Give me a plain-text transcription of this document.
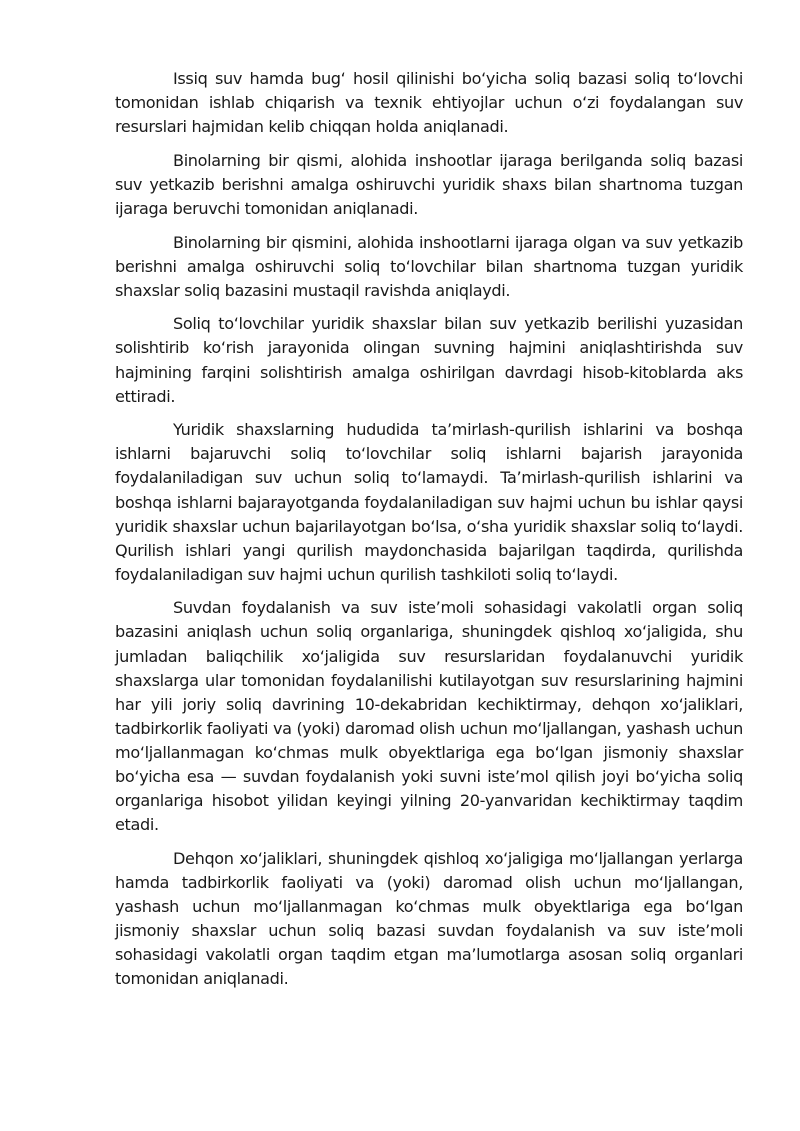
Issiq suv hamda bug‘ hosil qilinishi bo‘yicha soliq bazasi soliq to‘lovchi tomonidan ishlab chiqarish va texnik ehtiyojlar uchun o‘zi foydalangan suv resurslari hajmidan kelib chiqqan holda aniqlanadi.

Binolarning bir qismi, alohida inshootlar ijaraga berilganda soliq bazasi suv yetkazib berishni amalga oshiruvchi yuridik shaxs bilan shartnoma tuzgan ijaraga beruvchi tomonidan aniqlanadi.

Binolarning bir qismini, alohida inshootlarni ijaraga olgan va suv yetkazib berishni amalga oshiruvchi soliq to‘lovchilar bilan shartnoma tuzgan yuridik shaxslar soliq bazasini mustaqil ravishda aniqlaydi.

Soliq to‘lovchilar yuridik shaxslar bilan suv yetkazib berilishi yuzasidan solishtirib ko‘rish jarayonida olingan suvning hajmini aniqlashtirishda suv hajmining farqini solishtirish amalga oshirilgan davrdagi hisob-kitoblarda aks ettiradi.

Yuridik shaxslarning hududida ta’mirlash-qurilish ishlarini va boshqa ishlarni bajaruvchi soliq to‘lovchilar soliq ishlarni bajarish jarayonida foydalaniladigan suv uchun soliq to‘lamaydi. Ta’mirlash-qurilish ishlarini va boshqa ishlarni bajarayotganda foydalaniladigan suv hajmi uchun bu ishlar qaysi yuridik shaxslar uchun bajarilayotgan bo‘lsa, o‘sha yuridik shaxslar soliq to‘laydi. Qurilish ishlari yangi qurilish maydonchasida bajarilgan taqdirda, qurilishda foydalaniladigan suv hajmi uchun qurilish tashkiloti soliq to‘laydi.

Suvdan foydalanish va suv iste’moli sohasidagi vakolatli organ soliq bazasini aniqlash uchun soliq organlariga, shuningdek qishloq xo‘jaligida, shu jumladan baliqchilik xo‘jaligida suv resurslaridan foydalanuvchi yuridik shaxslarga ular tomonidan foydalanilishi kutilayotgan suv resurslarining hajmini har yili joriy soliq davrining 10-dekabridan kechiktirmay, dehqon xo‘jaliklari, tadbirkorlik faoliyati va (yoki) daromad olish uchun mo‘ljallangan, yashash uchun mo‘ljallanmagan ko‘chmas mulk obyektlariga ega bo‘lgan jismoniy shaxslar bo‘yicha esa — suvdan foydalanish yoki suvni iste’mol qilish joyi bo‘yicha soliq organlariga hisobot yilidan keyingi yilning 20-yanvaridan kechiktirmay taqdim etadi.

Dehqon xo‘jaliklari, shuningdek qishloq xo‘jaligiga mo‘ljallangan yerlarga hamda tadbirkorlik faoliyati va (yoki) daromad olish uchun mo‘ljallangan, yashash uchun mo‘ljallanmagan ko‘chmas mulk obyektlariga ega bo‘lgan jismoniy shaxslar uchun soliq bazasi suvdan foydalanish va suv iste’moli sohasidagi vakolatli organ taqdim etgan ma’lumotlarga asosan soliq organlari tomonidan aniqlanadi.
